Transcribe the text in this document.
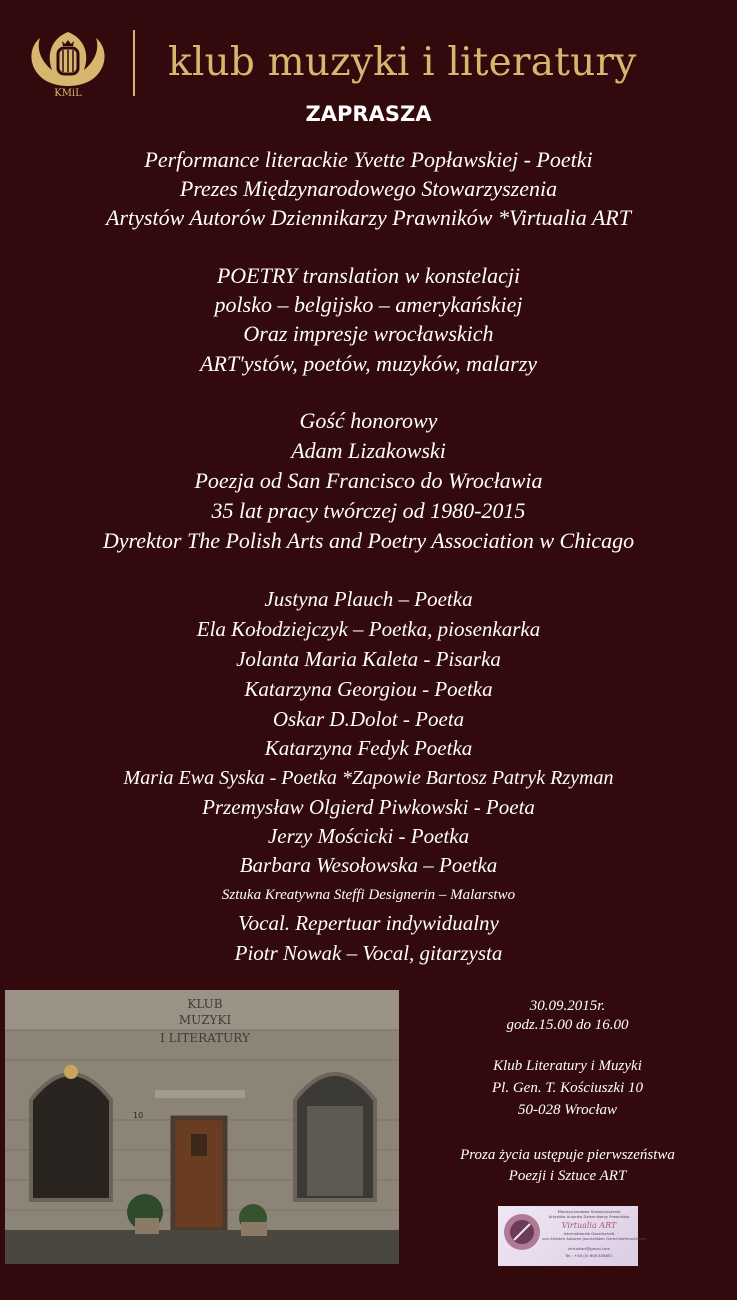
KMiL
klub muzyki i literatury
ZAPRASZA
Performance literackie Yvette Popławskiej - Poetki
Prezes Międzynarodowego Stowarzyszenia
Artystów Autorów Dziennikarzy Prawników *Virtualia ART
POETRY translation w konstelacji
polsko – belgijsko – amerykańskiej
Oraz impresje wrocławskich
ART'ystów, poetów, muzyków, malarzy
Gość honorowy
Adam Lizakowski
Poezja od San Francisco do Wrocławia
35 lat pracy twórczej od 1980-2015
Dyrektor The Polish Arts and Poetry Association w Chicago
Justyna Plauch – Poetka
Ela Kołodziejczyk – Poetka, piosenkarka
Jolanta Maria Kaleta - Pisarka
Katarzyna Georgiou - Poetka
Oskar D.Dolot - Poeta
Katarzyna Fedyk Poetka
Maria Ewa Syska - Poetka *Zapowie Bartosz Patryk Rzyman
Przemysław Olgierd Piwkowski - Poeta
Jerzy Mościcki - Poetka
Barbara Wesołowska – Poetka
Sztuka Kreatywna Steffi Designerin – Malarstwo
Vocal. Repertuar indywidualny
Piotr Nowak – Vocal, gitarzysta
KLUB
MUZYKI
I LITERATURY
10
30.09.2015r.
godz.15.00 do 16.00
Klub Literatury i Muzyki
Pl. Gen. T. Kościuszki 10
50-028 Wrocław
Proza życia ustępuje pierwszeństwa
Poezji i Sztuce ART
Międzynarodowe Stowarzyszenie
Artystów Autorów Dziennikarzy Prawników
Virtualia ART
Internationale Gesellschaft
von Artisten Autoren Journalisten Gerechtsfreundlingen
virtualiart@gmail.com
Tel.: +48 (0) 608 838851
